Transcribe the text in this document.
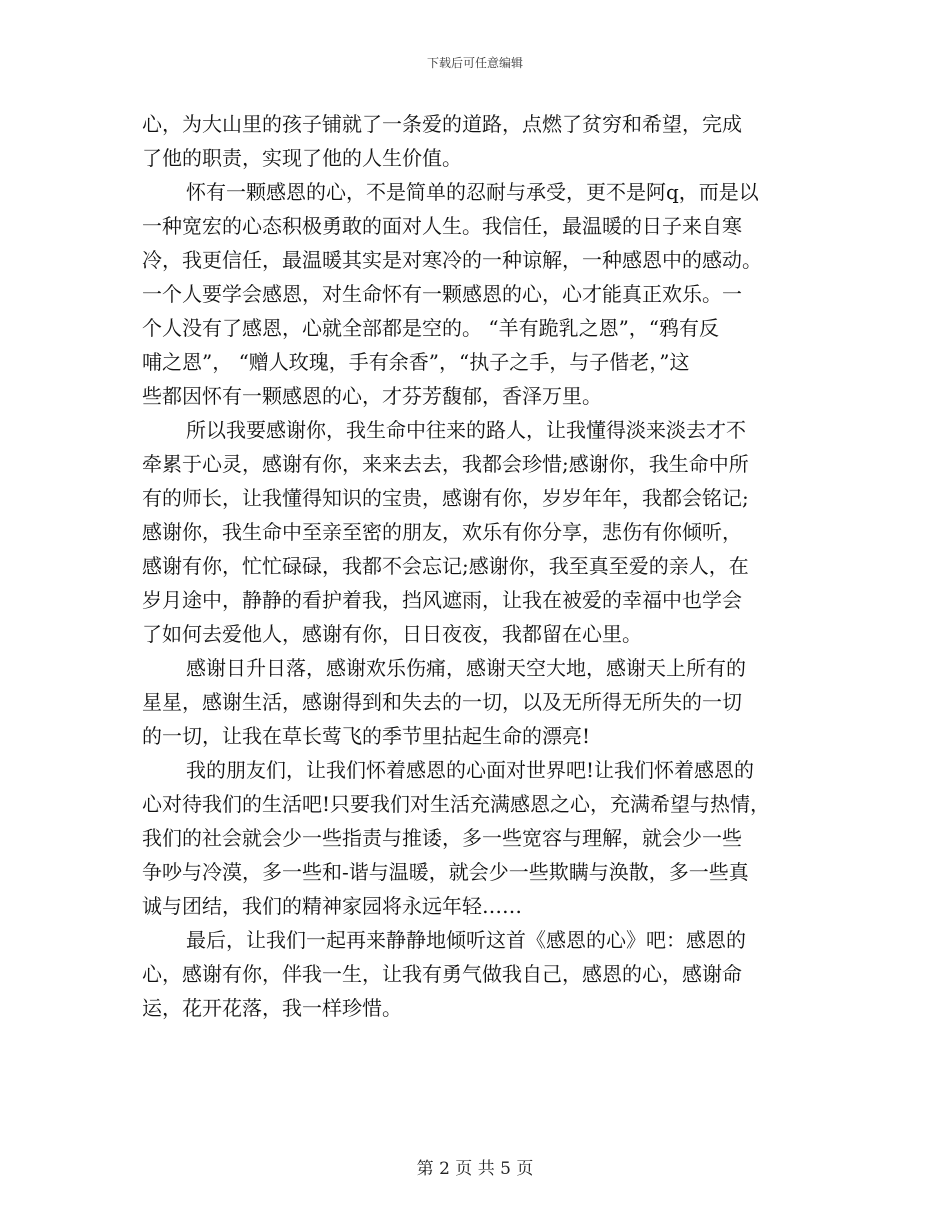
下载后可任意编辑
心，为大山里的孩子铺就了一条爱的道路，点燃了贫穷和希望，完成
了他的职责，实现了他的人生价值。
怀有一颗感恩的心，不是简单的忍耐与承受，更不是阿q，而是以
一种宽宏的心态积极勇敢的面对人生。我信任，最温暖的日子来自寒
冷，我更信任，最温暖其实是对寒冷的一种谅解，一种感恩中的感动。
一个人要学会感恩，对生命怀有一颗感恩的心，心才能真正欢乐。一
个人没有了感恩，心就全部都是空的。 “羊有跪乳之恩”，“鸦有反
哺之恩”， “赠人玫瑰，手有余香”，“执子之手，与子偕老，”这
些都因怀有一颗感恩的心，才芬芳馥郁，香泽万里。
所以我要感谢你，我生命中往来的路人，让我懂得淡来淡去才不
牵累于心灵，感谢有你，来来去去，我都会珍惜;感谢你，我生命中所
有的师长，让我懂得知识的宝贵，感谢有你，岁岁年年，我都会铭记;
感谢你，我生命中至亲至密的朋友，欢乐有你分享，悲伤有你倾听，
感谢有你，忙忙碌碌，我都不会忘记;感谢你，我至真至爱的亲人，在
岁月途中，静静的看护着我，挡风遮雨，让我在被爱的幸福中也学会
了如何去爱他人，感谢有你，日日夜夜，我都留在心里。
感谢日升日落，感谢欢乐伤痛，感谢天空大地，感谢天上所有的
星星，感谢生活，感谢得到和失去的一切，以及无所得无所失的一切
的一切，让我在草长莺飞的季节里拈起生命的漂亮!
我的朋友们，让我们怀着感恩的心面对世界吧!让我们怀着感恩的
心对待我们的生活吧!只要我们对生活充满感恩之心，充满希望与热情，
我们的社会就会少一些指责与推诿，多一些宽容与理解，就会少一些
争吵与冷漠，多一些和-谐与温暖，就会少一些欺瞒与涣散，多一些真
诚与团结，我们的精神家园将永远年轻……
最后，让我们一起再来静静地倾听这首《感恩的心》吧：感恩的
心，感谢有你，伴我一生，让我有勇气做我自己，感恩的心，感谢命
运，花开花落，我一样珍惜。
第 2 页 共 5 页
